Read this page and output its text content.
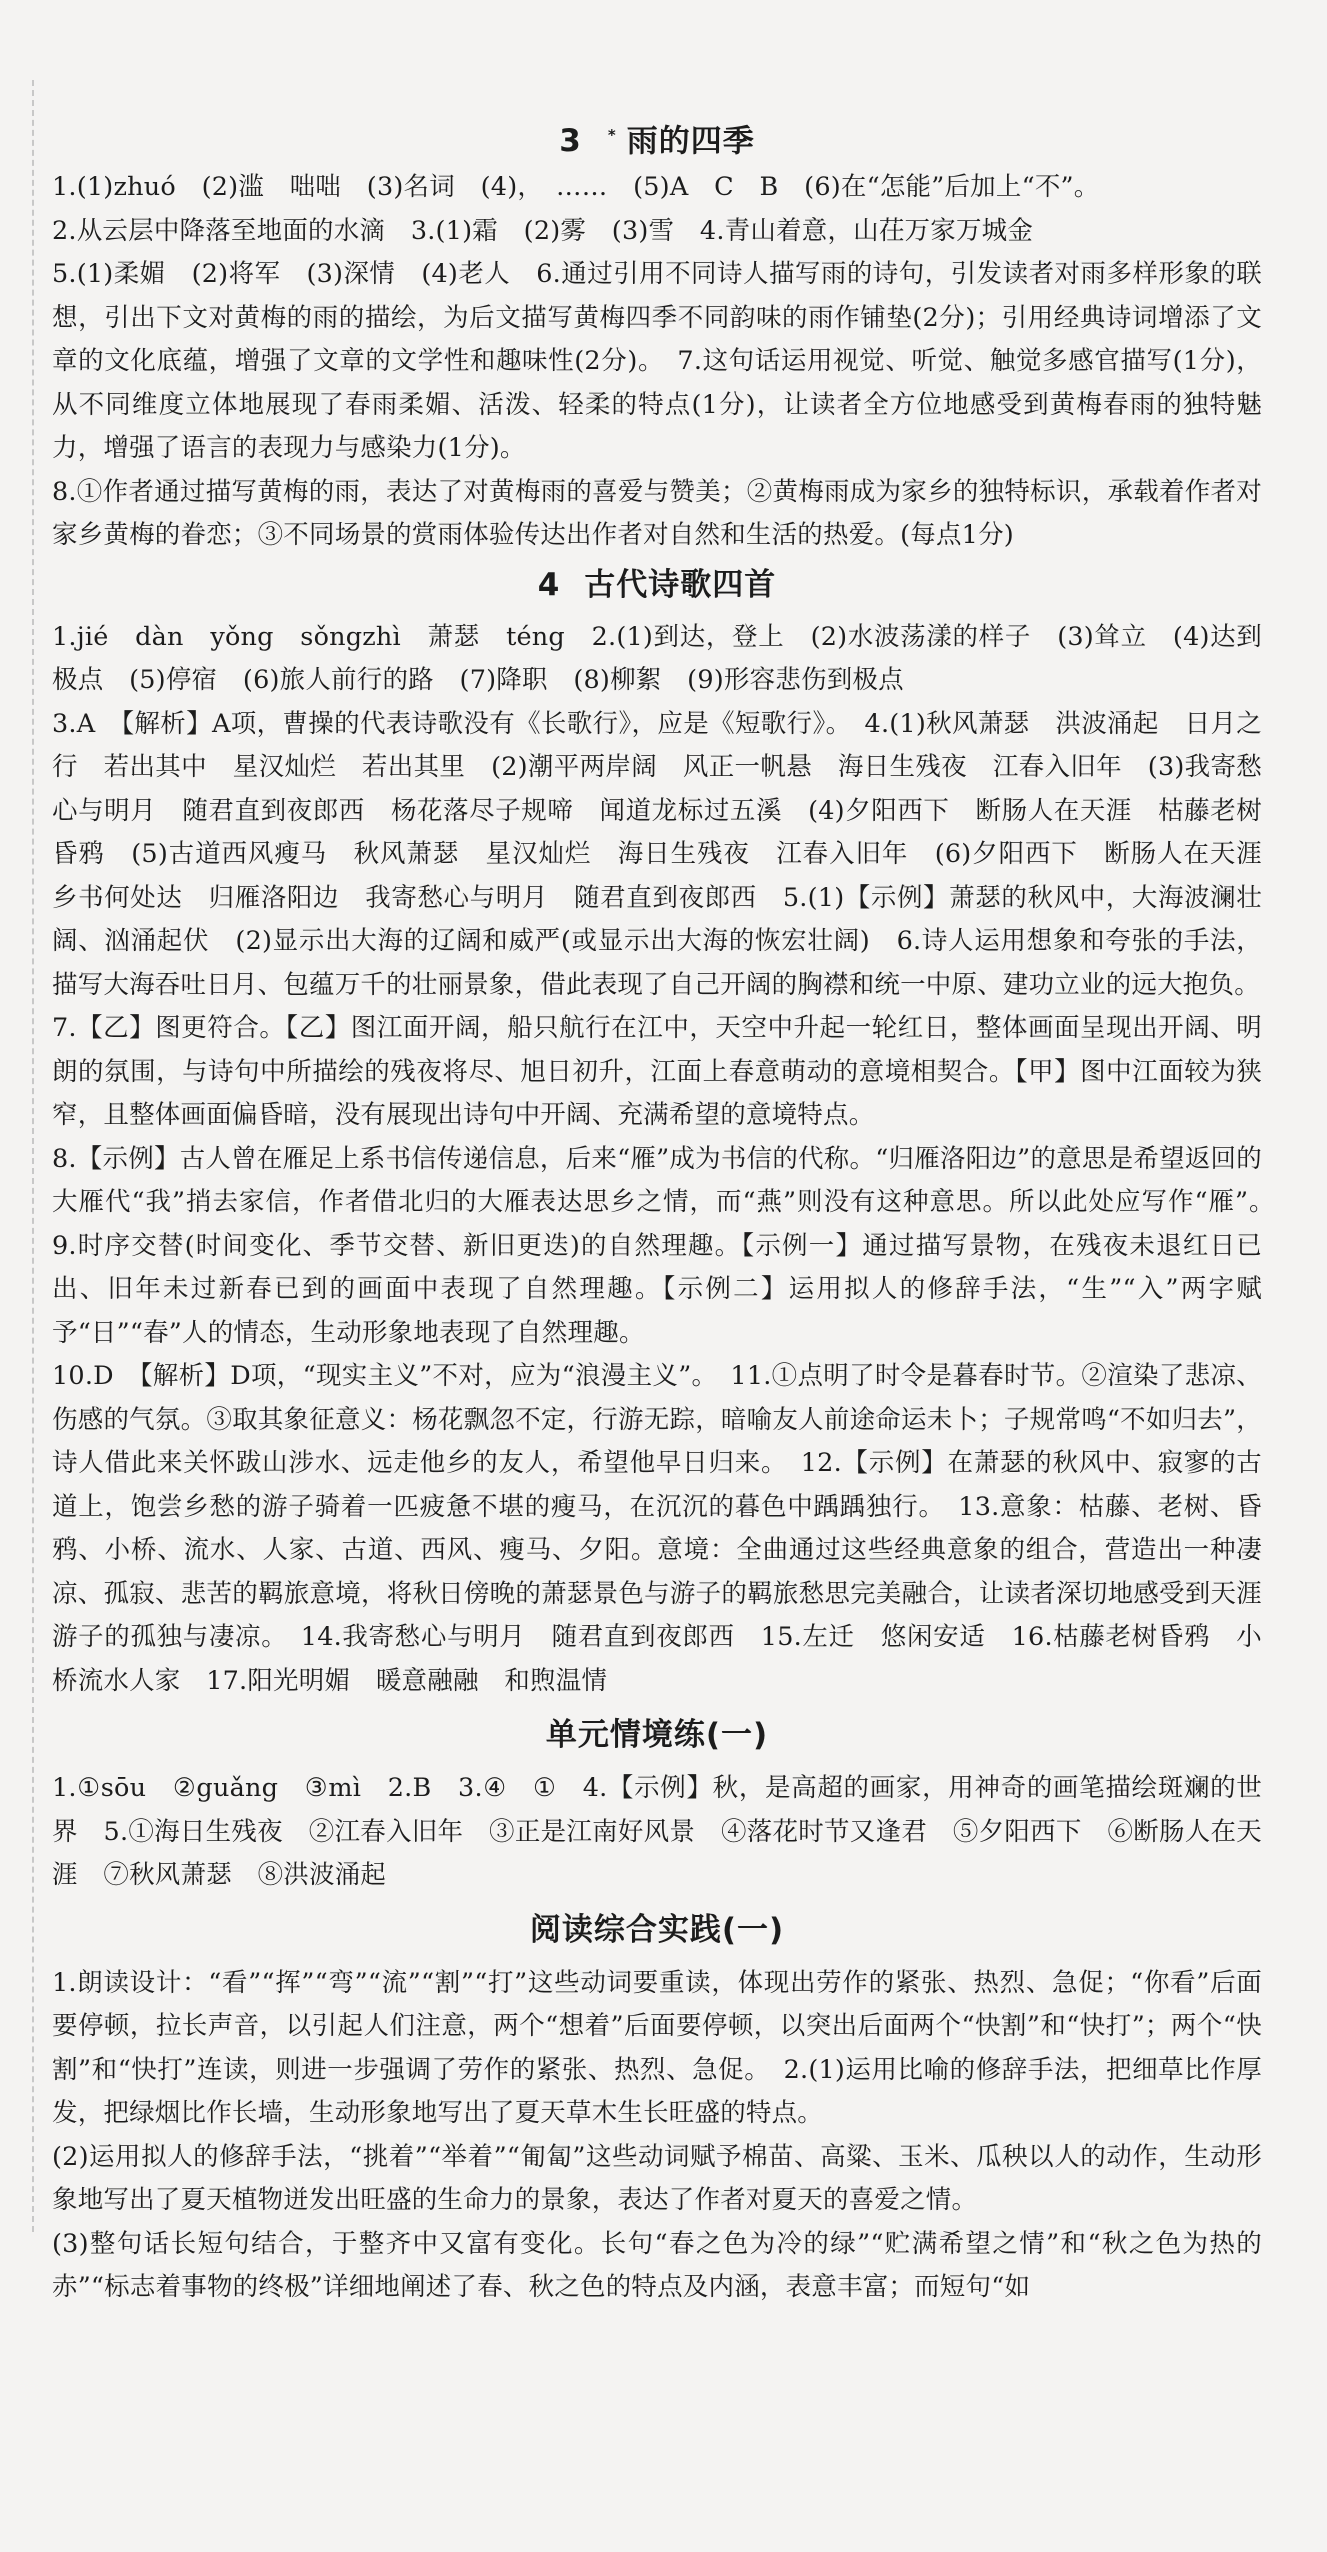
3 * 雨的四季

1.(1)zhuó　(2)滥　咄咄　(3)名词　(4)，　……　(5)A　C　B　(6)在“怎能”后加上“不”。

2.从云层中降落至地面的水滴　3.(1)霜　(2)雾　(3)雪　4.青山着意，山茌万家万城金

5.(1)柔媚　(2)将军　(3)深情　(4)老人　6.通过引用不同诗人描写雨的诗句，引发读者对雨多样形象的联想，引出下文对黄梅的雨的描绘，为后文描写黄梅四季不同韵味的雨作铺垫(2分)；引用经典诗词增添了文章的文化底蕴，增强了文章的文学性和趣味性(2分)。　7.这句话运用视觉、听觉、触觉多感官描写(1分)，从不同维度立体地展现了春雨柔媚、活泼、轻柔的特点(1分)，让读者全方位地感受到黄梅春雨的独特魅力，增强了语言的表现力与感染力(1分)。

8.①作者通过描写黄梅的雨，表达了对黄梅雨的喜爱与赞美；②黄梅雨成为家乡的独特标识，承载着作者对家乡黄梅的眷恋；③不同场景的赏雨体验传达出作者对自然和生活的热爱。(每点1分)

4 古代诗歌四首

1.jié　dàn　yǒng　sǒngzhì　萧瑟　téng　2.(1)到达，登上　(2)水波荡漾的样子　(3)耸立　(4)达到极点　(5)停宿　(6)旅人前行的路　(7)降职　(8)柳絮　(9)形容悲伤到极点

3.A　【解析】A项，曹操的代表诗歌没有《长歌行》，应是《短歌行》。　4.(1)秋风萧瑟　洪波涌起　日月之行　若出其中　星汉灿烂　若出其里　(2)潮平两岸阔　风正一帆悬　海日生残夜　江春入旧年　(3)我寄愁心与明月　随君直到夜郎西　杨花落尽子规啼　闻道龙标过五溪　(4)夕阳西下　断肠人在天涯　枯藤老树昏鸦　(5)古道西风瘦马　秋风萧瑟　星汉灿烂　海日生残夜　江春入旧年　(6)夕阳西下　断肠人在天涯　乡书何处达　归雁洛阳边　我寄愁心与明月　随君直到夜郎西　5.(1)【示例】萧瑟的秋风中，大海波澜壮阔、汹涌起伏　(2)显示出大海的辽阔和威严(或显示出大海的恢宏壮阔)　6.诗人运用想象和夸张的手法，描写大海吞吐日月、包蕴万千的壮丽景象，借此表现了自己开阔的胸襟和统一中原、建功立业的远大抱负。

7.【乙】图更符合。【乙】图江面开阔，船只航行在江中，天空中升起一轮红日，整体画面呈现出开阔、明朗的氛围，与诗句中所描绘的残夜将尽、旭日初升，江面上春意萌动的意境相契合。【甲】图中江面较为狭窄，且整体画面偏昏暗，没有展现出诗句中开阔、充满希望的意境特点。

8.【示例】古人曾在雁足上系书信传递信息，后来“雁”成为书信的代称。“归雁洛阳边”的意思是希望返回的大雁代“我”捎去家信，作者借北归的大雁表达思乡之情，而“燕”则没有这种意思。所以此处应写作“雁”。　9.时序交替(时间变化、季节交替、新旧更迭)的自然理趣。【示例一】通过描写景物，在残夜未退红日已出、旧年未过新春已到的画面中表现了自然理趣。【示例二】运用拟人的修辞手法，“生”“入”两字赋予“日”“春”人的情态，生动形象地表现了自然理趣。

10.D　【解析】D项，“现实主义”不对，应为“浪漫主义”。　11.①点明了时令是暮春时节。②渲染了悲凉、伤感的气氛。③取其象征意义：杨花飘忽不定，行游无踪，暗喻友人前途命运未卜；子规常鸣“不如归去”，诗人借此来关怀跋山涉水、远走他乡的友人，希望他早日归来。　12.【示例】在萧瑟的秋风中、寂寥的古道上，饱尝乡愁的游子骑着一匹疲惫不堪的瘦马，在沉沉的暮色中踽踽独行。　13.意象：枯藤、老树、昏鸦、小桥、流水、人家、古道、西风、瘦马、夕阳。意境：全曲通过这些经典意象的组合，营造出一种凄凉、孤寂、悲苦的羁旅意境，将秋日傍晚的萧瑟景色与游子的羁旅愁思完美融合，让读者深切地感受到天涯游子的孤独与凄凉。　14.我寄愁心与明月　随君直到夜郎西　15.左迁　悠闲安适　16.枯藤老树昏鸦　小桥流水人家　17.阳光明媚　暖意融融　和煦温情

单元情境练(一)

1.①sōu　②guǎng　③mì　2.B　3.④　①　4.【示例】秋，是高超的画家，用神奇的画笔描绘斑斓的世界　5.①海日生残夜　②江春入旧年　③正是江南好风景　④落花时节又逢君　⑤夕阳西下　⑥断肠人在天涯　⑦秋风萧瑟　⑧洪波涌起

阅读综合实践(一)

1.朗读设计：“看”“挥”“弯”“流”“割”“打”这些动词要重读，体现出劳作的紧张、热烈、急促；“你看”后面要停顿，拉长声音，以引起人们注意，两个“想着”后面要停顿，以突出后面两个“快割”和“快打”；两个“快割”和“快打”连读，则进一步强调了劳作的紧张、热烈、急促。　2.(1)运用比喻的修辞手法，把细草比作厚发，把绿烟比作长墙，生动形象地写出了夏天草木生长旺盛的特点。

(2)运用拟人的修辞手法，“挑着”“举着”“匍匐”这些动词赋予棉苗、高粱、玉米、瓜秧以人的动作，生动形象地写出了夏天植物迸发出旺盛的生命力的景象，表达了作者对夏天的喜爱之情。

(3)整句话长短句结合，于整齐中又富有变化。长句“春之色为冷的绿”“贮满希望之情”和“秋之色为热的赤”“标志着事物的终极”详细地阐述了春、秋之色的特点及内涵，表意丰富；而短句“如
